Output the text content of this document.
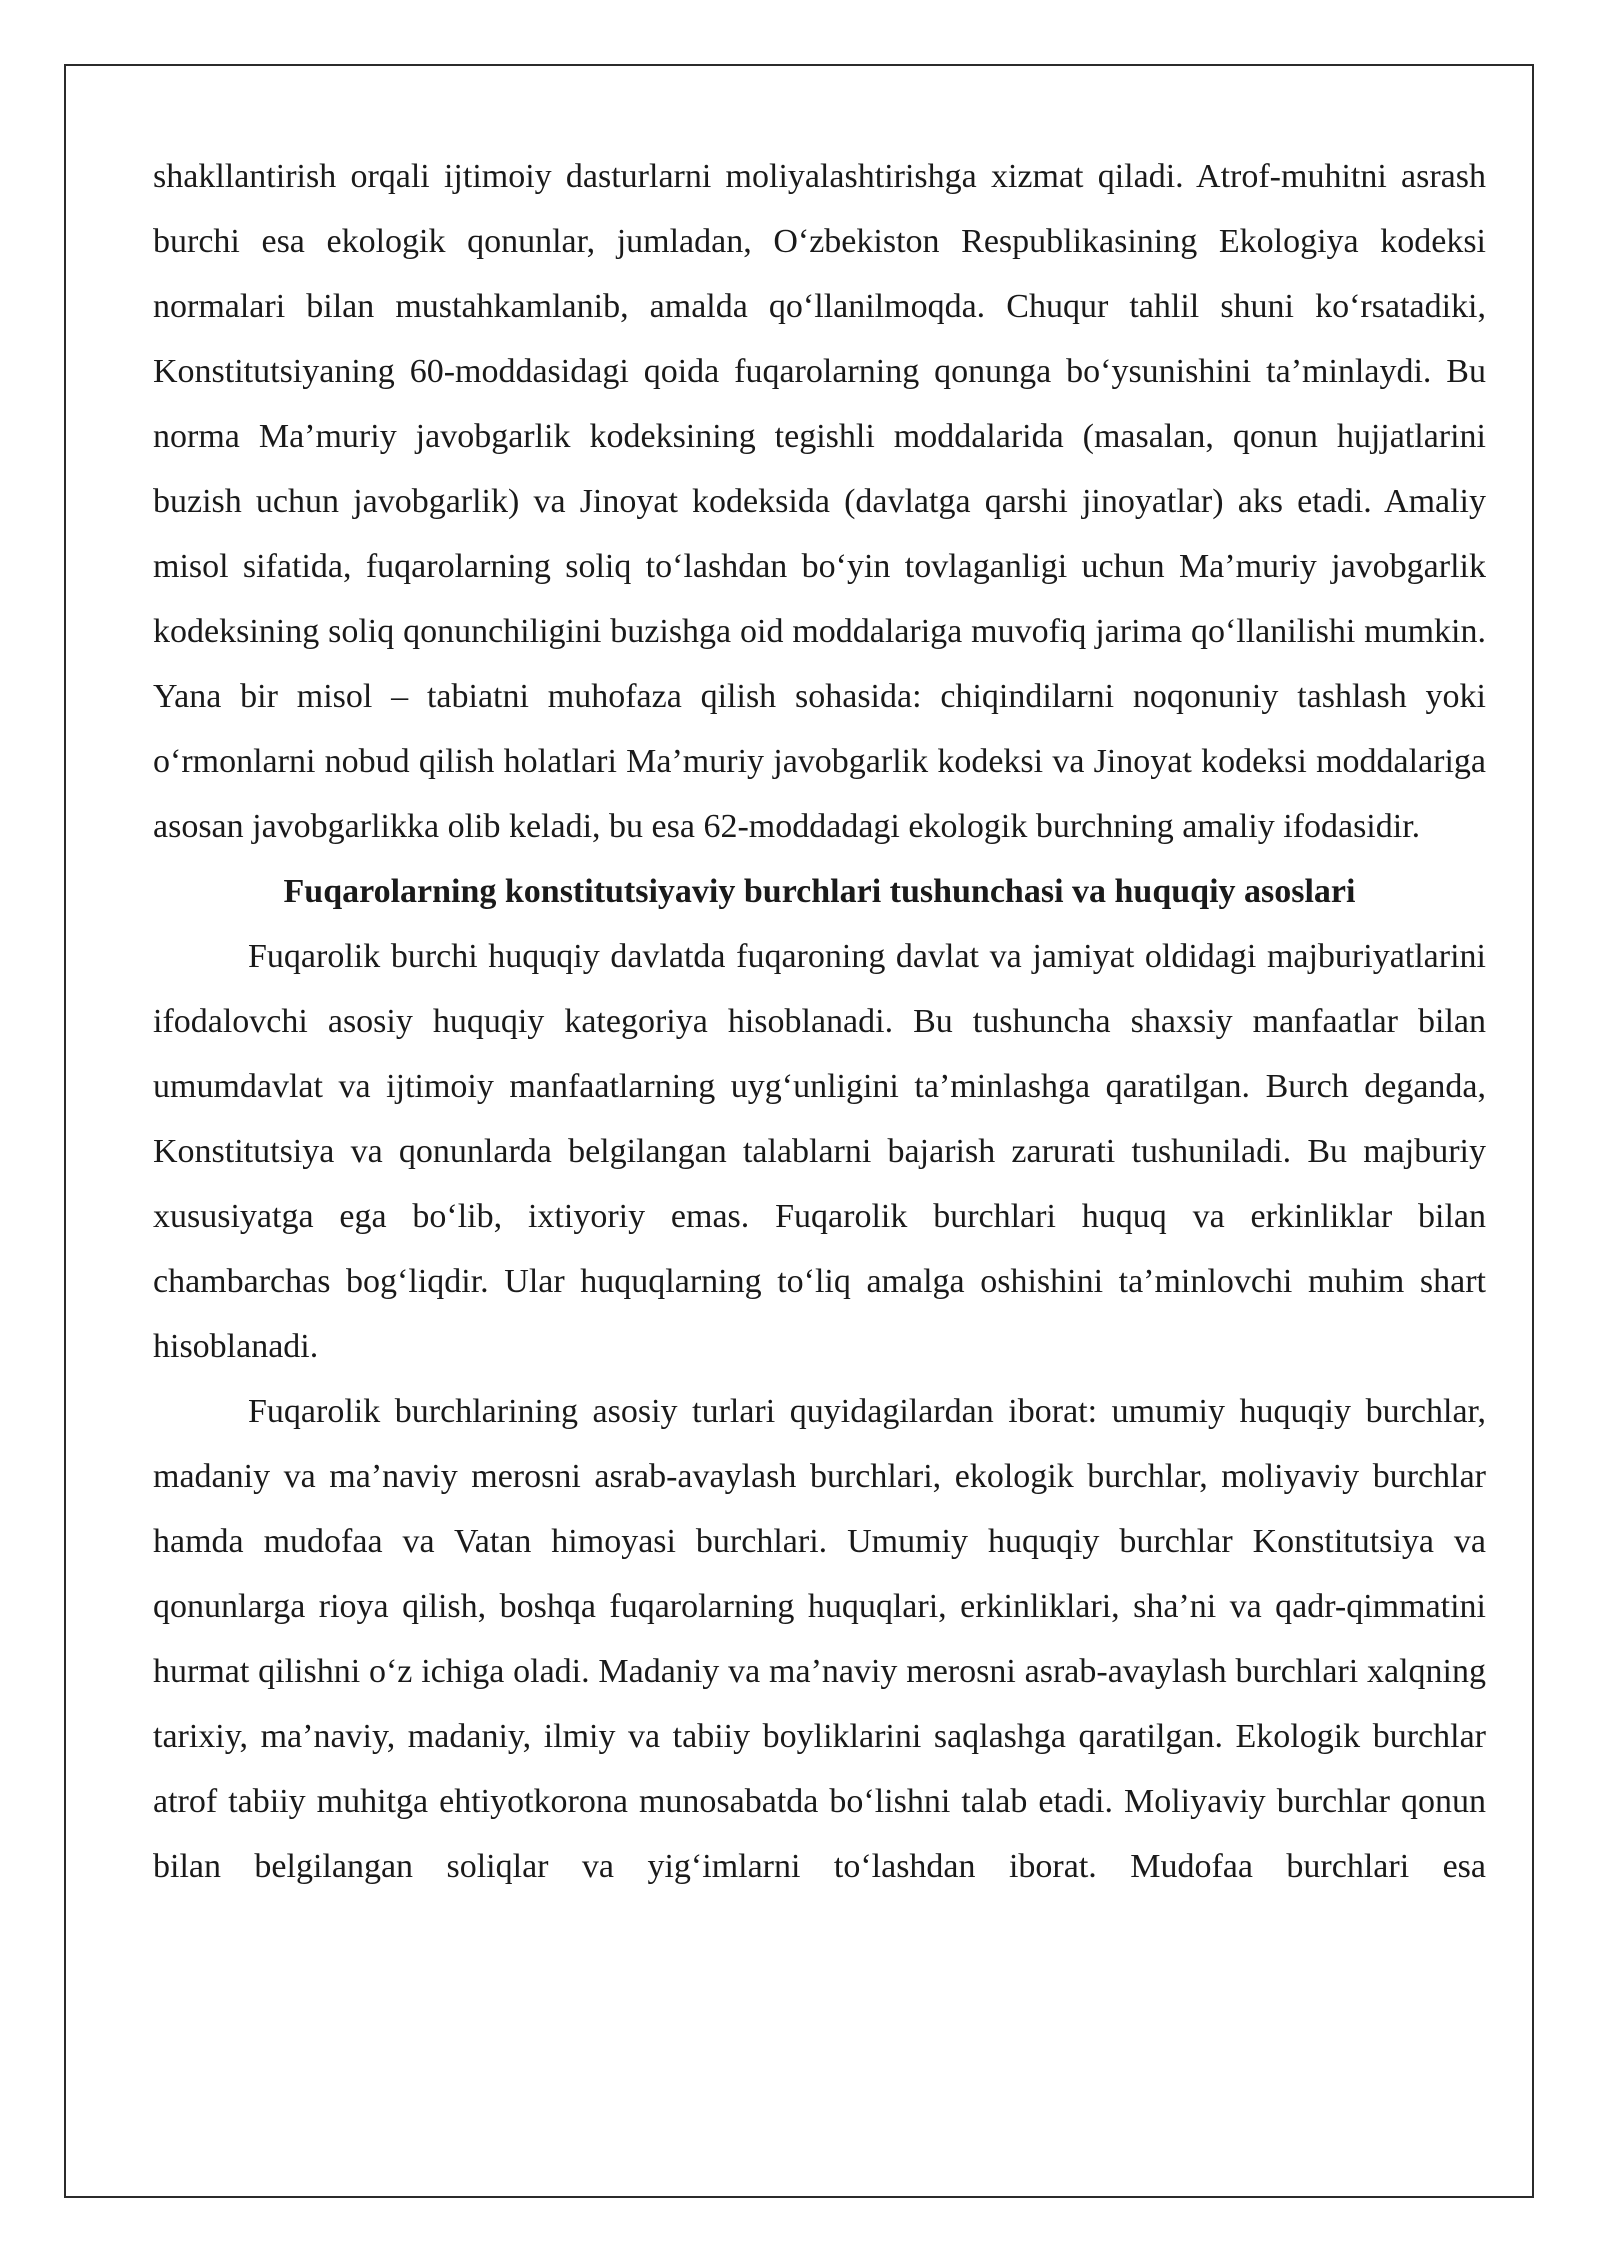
shakllantirish orqali ijtimoiy dasturlarni moliyalashtirishga xizmat qiladi. Atrof-muhitni asrash burchi esa ekologik qonunlar, jumladan, O‘zbekiston Respublikasining Ekologiya kodeksi normalari bilan mustahkamlanib, amalda qo‘llanilmoqda. Chuqur tahlil shuni ko‘rsatadiki, Konstitutsiyaning 60-moddasidagi qoida fuqarolarning qonunga bo‘ysunishini ta’minlaydi. Bu norma Ma’muriy javobgarlik kodeksining tegishli moddalarida (masalan, qonun hujjatlarini buzish uchun javobgarlik) va Jinoyat kodeksida (davlatga qarshi jinoyatlar) aks etadi. Amaliy misol sifatida, fuqarolarning soliq to‘lashdan bo‘yin tovlaganligi uchun Ma’muriy javobgarlik kodeksining soliq qonunchiligini buzishga oid moddalariga muvofiq jarima qo‘llanilishi mumkin. Yana bir misol – tabiatni muhofaza qilish sohasida: chiqindilarni noqonuniy tashlash yoki o‘rmonlarni nobud qilish holatlari Ma’muriy javobgarlik kodeksi va Jinoyat kodeksi moddalariga asosan javobgarlikka olib keladi, bu esa 62-moddadagi ekologik burchning amaliy ifodasidir.

Fuqarolarning konstitutsiyaviy burchlari tushunchasi va huquqiy asoslari

Fuqarolik burchi huquqiy davlatda fuqaroning davlat va jamiyat oldidagi majburiyatlarini ifodalovchi asosiy huquqiy kategoriya hisoblanadi. Bu tushuncha shaxsiy manfaatlar bilan umumdavlat va ijtimoiy manfaatlarning uyg‘unligini ta’minlashga qaratilgan. Burch deganda, Konstitutsiya va qonunlarda belgilangan talablarni bajarish zarurati tushuniladi. Bu majburiy xususiyatga ega bo‘lib, ixtiyoriy emas. Fuqarolik burchlari huquq va erkinliklar bilan chambarchas bog‘liqdir. Ular huquqlarning to‘liq amalga oshishini ta’minlovchi muhim shart hisoblanadi.

Fuqarolik burchlarining asosiy turlari quyidagilardan iborat: umumiy huquqiy burchlar, madaniy va ma’naviy merosni asrab-avaylash burchlari, ekologik burchlar, moliyaviy burchlar hamda mudofaa va Vatan himoyasi burchlari. Umumiy huquqiy burchlar Konstitutsiya va qonunlarga rioya qilish, boshqa fuqarolarning huquqlari, erkinliklari, sha’ni va qadr-qimmatini hurmat qilishni o‘z ichiga oladi. Madaniy va ma’naviy merosni asrab-avaylash burchlari xalqning tarixiy, ma’naviy, madaniy, ilmiy va tabiiy boyliklarini saqlashga qaratilgan. Ekologik burchlar atrof tabiiy muhitga ehtiyotkorona munosabatda bo‘lishni talab etadi. Moliyaviy burchlar qonun bilan belgilangan soliqlar va yig‘imlarni to‘lashdan iborat. Mudofaa burchlari esa
